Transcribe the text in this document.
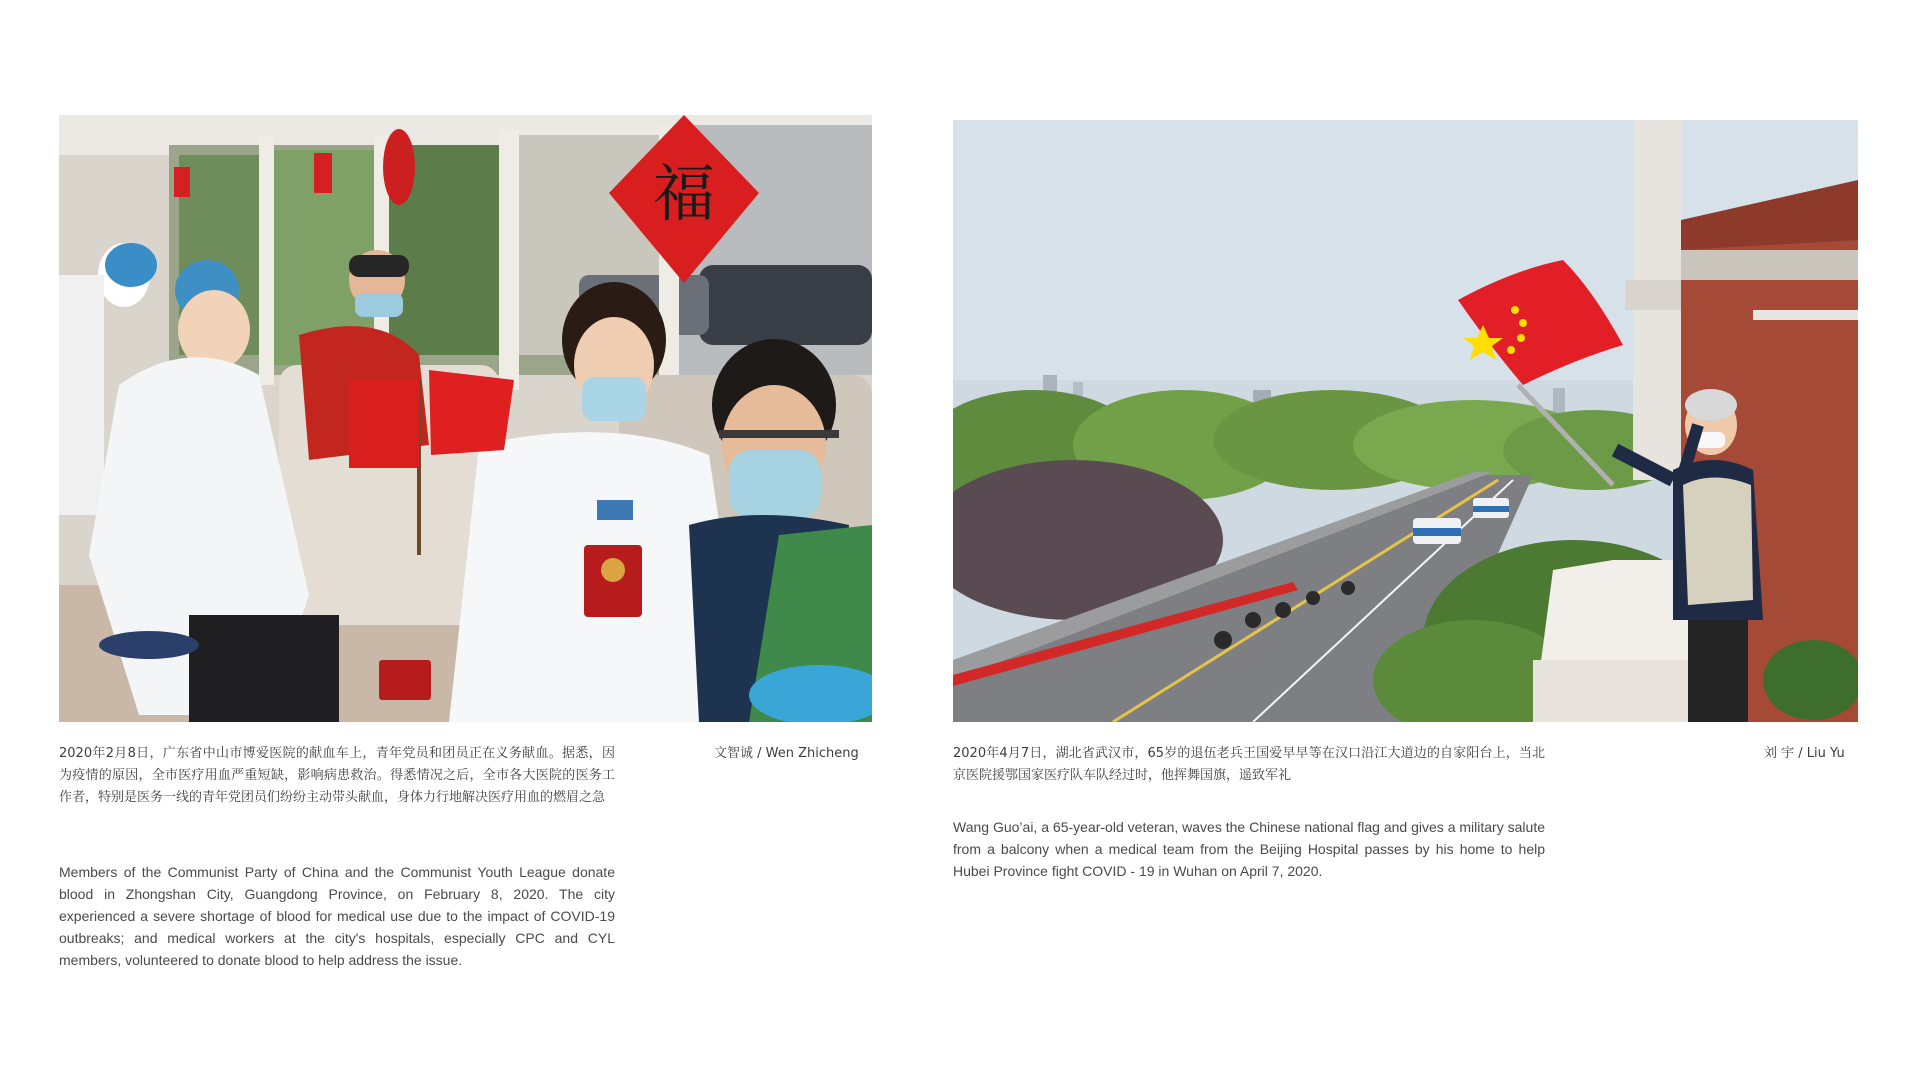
福
2020年2月8日，广东省中山市博爱医院的献血车上，青年党员和团员正在义务献血。据悉，因为疫情的原因，全市医疗用血严重短缺，影响病患救治。得悉情况之后，全市各大医院的医务工作者，特别是医务一线的青年党团员们纷纷主动带头献血，身体力行地解决医疗用血的燃眉之急
Members of the Communist Party of China and the Communist Youth League donate blood in Zhongshan City, Guangdong Province, on February 8, 2020. The city experienced a severe shortage of blood for medical use due to the impact of COVID-19 outbreaks; and medical workers at the city's hospitals, especially CPC and CYL members, volunteered to donate blood to help address the issue.
文智诚 / Wen Zhicheng	2020年4月7日，湖北省武汉市，65岁的退伍老兵王国爱早早等在汉口沿江大道边的自家阳台上，当北京医院援鄂国家医疗队车队经过时，他挥舞国旗，遥致军礼
Wang Guo’ai, a 65-year-old veteran, waves the Chinese national flag and gives a military salute from a balcony when a medical team from the Beijing Hospital passes by his home to help Hubei Province fight COVID - 19 in Wuhan on April 7, 2020.
刘 宇 / Liu Yu
